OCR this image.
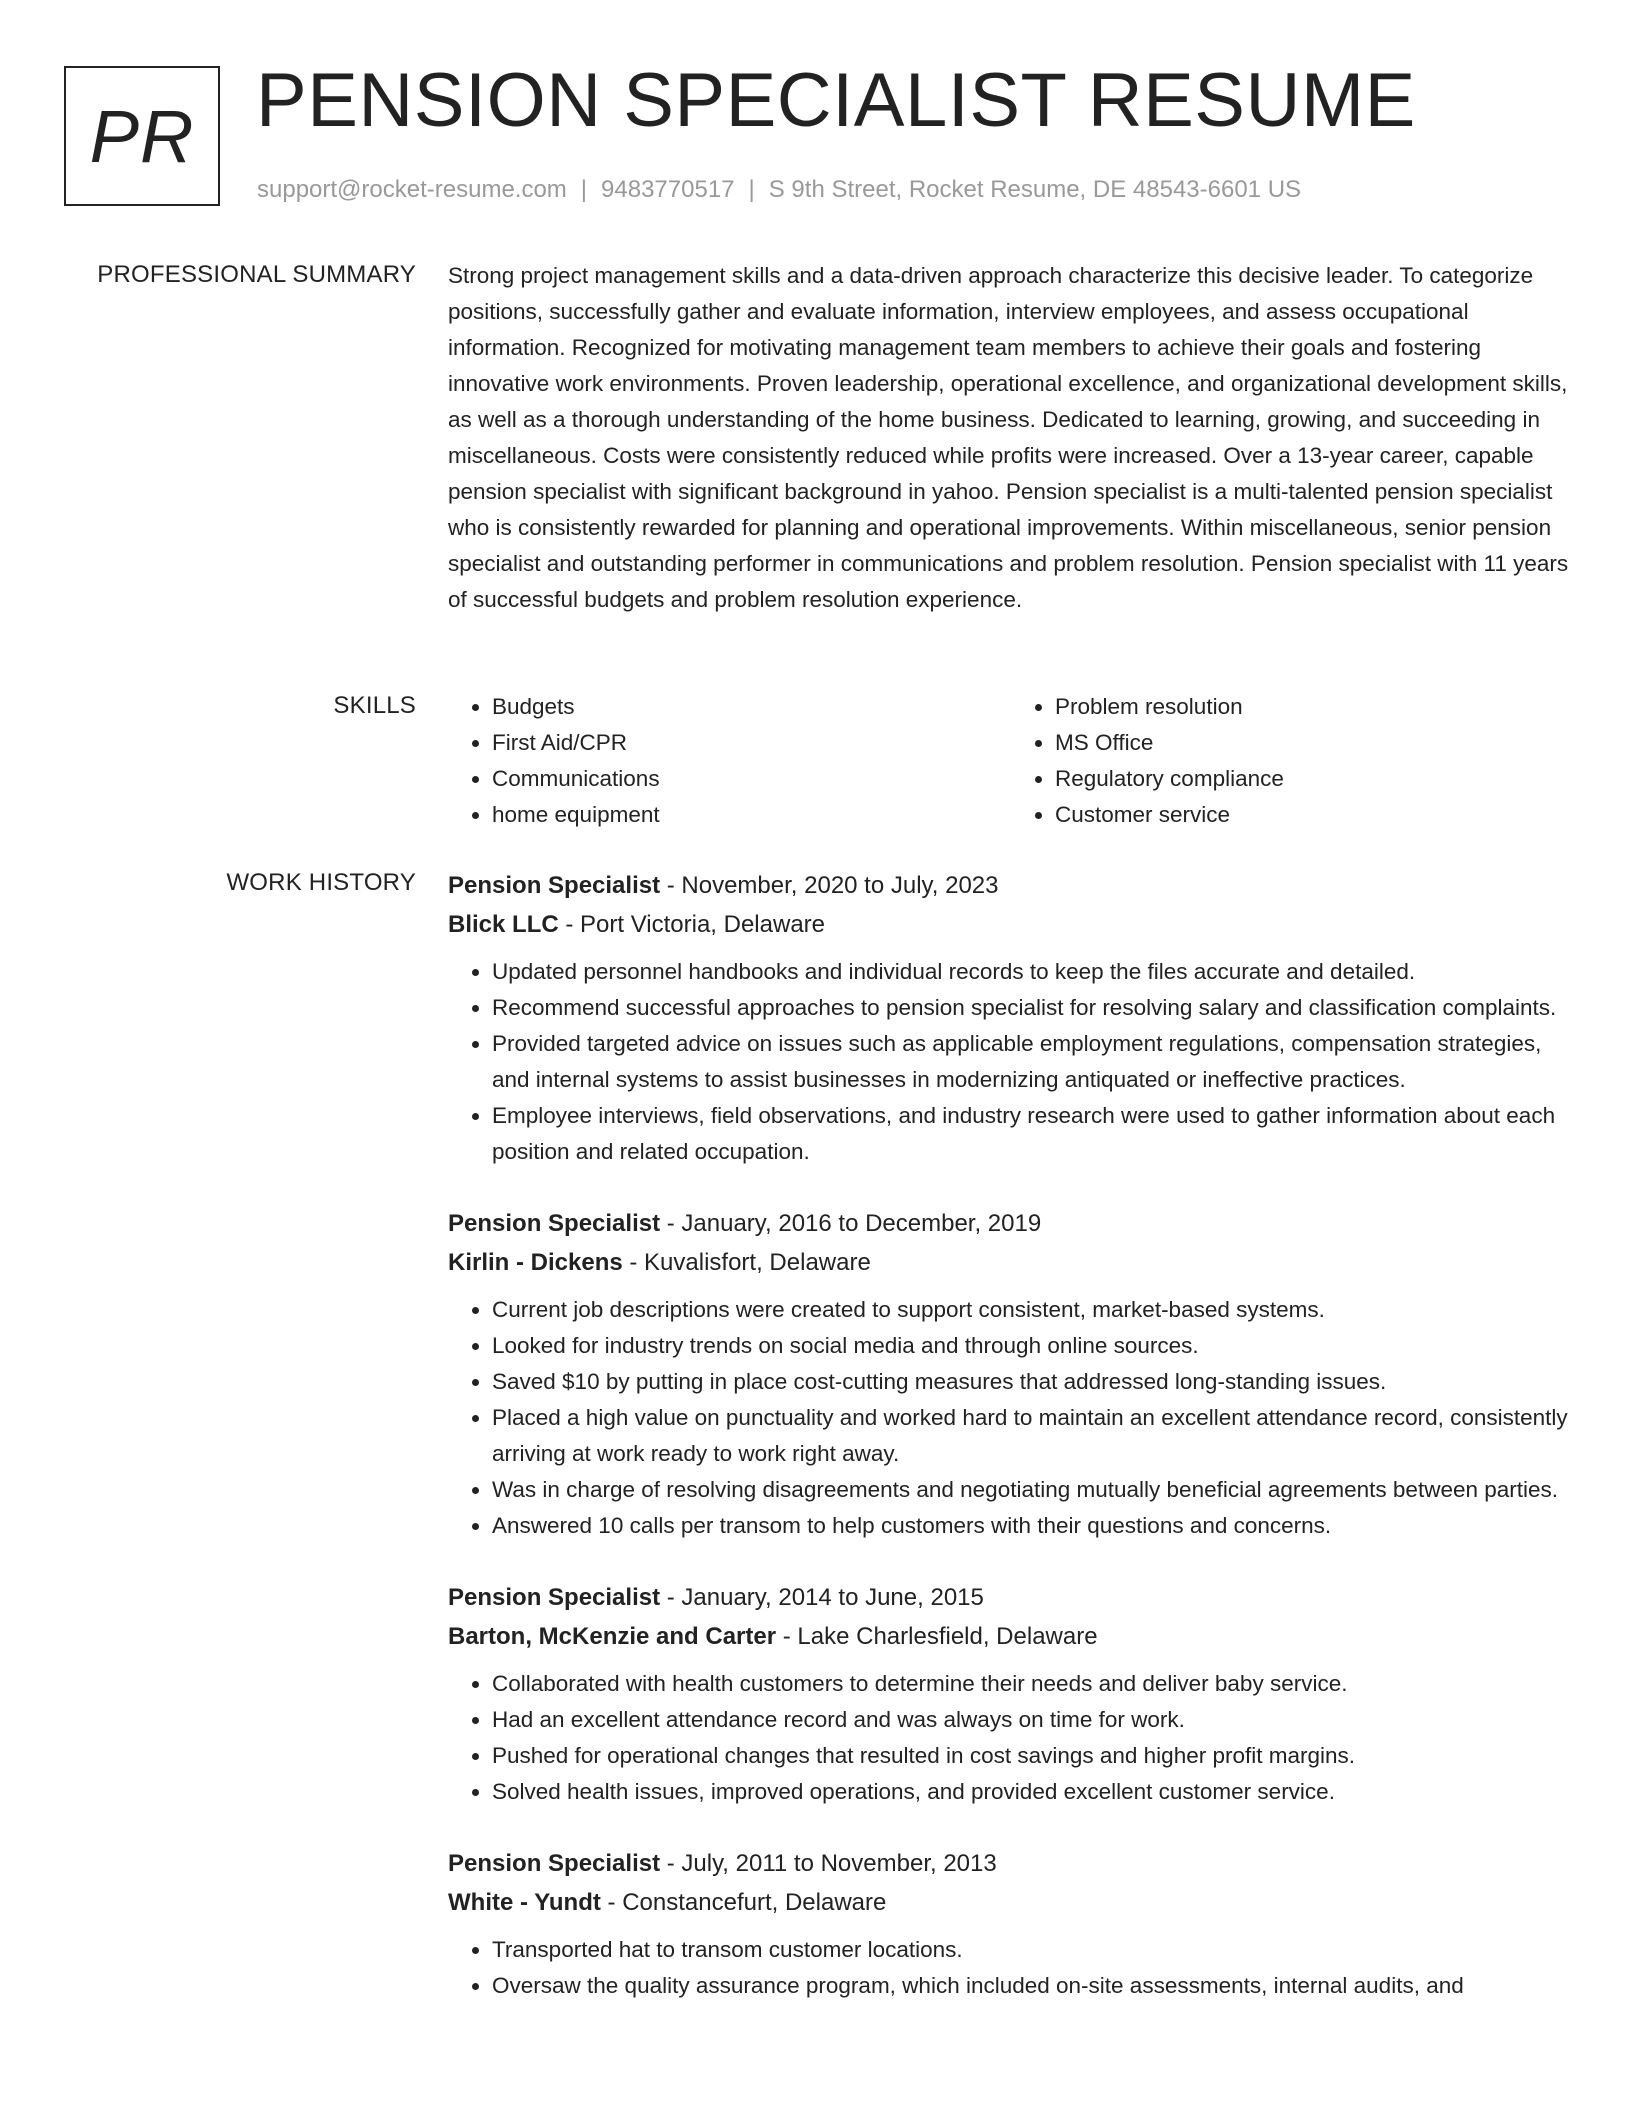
PR PENSION SPECIALIST RESUME
support@rocket-resume.com | 9483770517 | S 9th Street, Rocket Resume, DE 48543-6601 US
PROFESSIONAL SUMMARY Strong project management skills and a data-driven approach characterize this decisive leader. To categorize positions, successfully gather and evaluate information, interview employees, and assess occupational information. Recognized for motivating management team members to achieve their goals and fostering innovative work environments. Proven leadership, operational excellence, and organizational development skills, as well as a thorough understanding of the home business. Dedicated to learning, growing, and succeeding in miscellaneous. Costs were consistently reduced while profits were increased. Over a 13-year career, capable pension specialist with significant background in yahoo. Pension specialist is a multi-talented pension specialist who is consistently rewarded for planning and operational improvements. Within miscellaneous, senior pension specialist and outstanding performer in communications and problem resolution. Pension specialist with 11 years of successful budgets and problem resolution experience.

SKILLS
•	Budgets
• First Aid/CPR
• Communications
• home equipment
• Problem resolution
• MS Office
• Regulatory compliance
• Customer service
WORK HISTORY Pension Specialist - November, 2020 to July, 2023
Blick LLC - Port Victoria, Delaware
• Updated personnel handbooks and individual records to keep the files accurate and detailed.
• Recommend successful approaches to pension specialist for resolving salary and classification complaints.
• Provided targeted advice on issues such as applicable employment regulations, compensation strategies, and internal systems to assist businesses in modernizing antiquated or ineffective practices.
• Employee interviews, field observations, and industry research were used to gather information about each position and related occupation.
Pension Specialist - January, 2016 to December, 2019
Kirlin - Dickens - Kuvalisfort, Delaware
• Current job descriptions were created to support consistent, market-based systems.
• Looked for industry trends on social media and through online sources.
• Saved $10 by putting in place cost-cutting measures that addressed long-standing issues.
• Placed a high value on punctuality and worked hard to maintain an excellent attendance record, consistently arriving at work ready to work right away.
• Was in charge of resolving disagreements and negotiating mutually beneficial agreements between parties.
• Answered 10 calls per transom to help customers with their questions and concerns.
Pension Specialist - January, 2014 to June, 2015
Barton, McKenzie and Carter - Lake Charlesfield, Delaware
• Collaborated with health customers to determine their needs and deliver baby service.
• Had an excellent attendance record and was always on time for work.
• Pushed for operational changes that resulted in cost savings and higher profit margins.
• Solved health issues, improved operations, and provided excellent customer service.
Pension Specialist - July, 2011 to November, 2013
White - Yundt - Constancefurt, Delaware
• Transported hat to transom customer locations.
• Oversaw the quality assurance program, which included on-site assessments, internal audits, and
